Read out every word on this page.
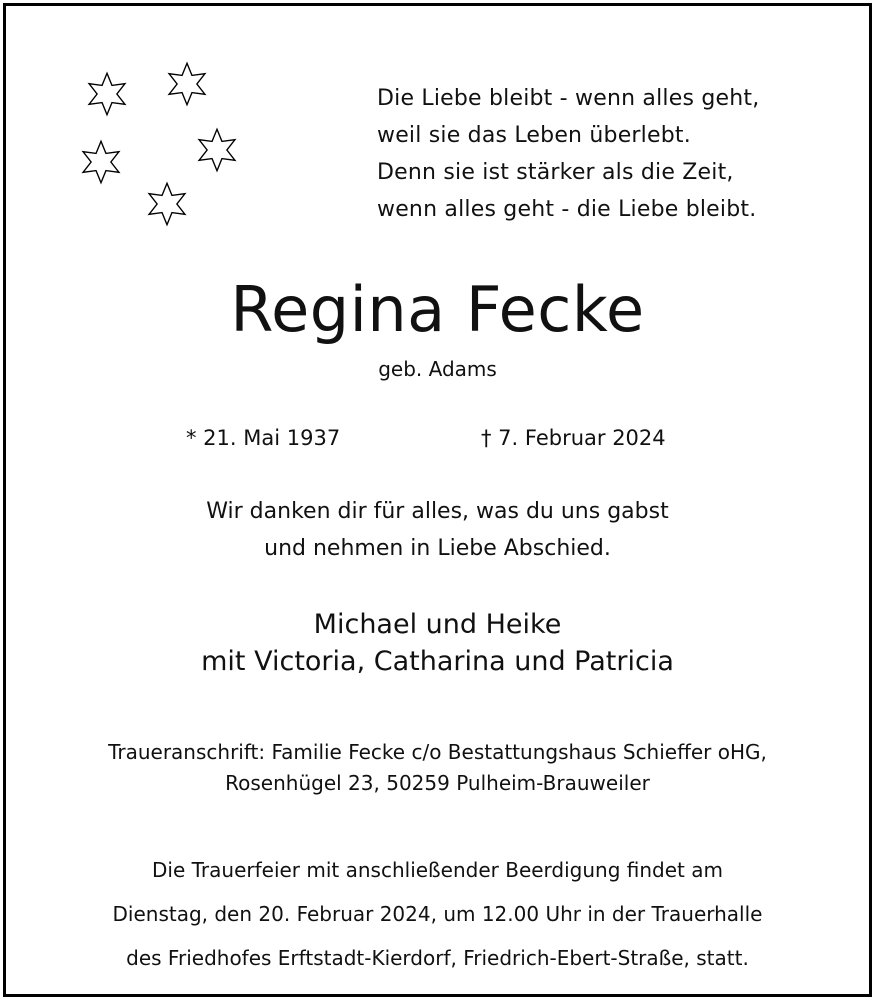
Die Liebe bleibt - wenn alles geht,
weil sie das Leben überlebt.
Denn sie ist stärker als die Zeit,
wenn alles geht - die Liebe bleibt.
Regina Fecke
geb. Adams
* 21. Mai 1937	† 7. Februar 2024
Wir danken dir für alles, was du uns gabst
und nehmen in Liebe Abschied.
Michael und Heike
mit Victoria, Catharina und Patricia
Traueranschrift: Familie Fecke c/o Bestattungshaus Schieffer oHG,
Rosenhügel 23, 50259 Pulheim-Brauweiler
Die Trauerfeier mit anschließender Beerdigung findet am
Dienstag, den 20. Februar 2024, um 12.00 Uhr in der Trauerhalle
des Friedhofes Erftstadt-Kierdorf, Friedrich-Ebert-Straße, statt.
